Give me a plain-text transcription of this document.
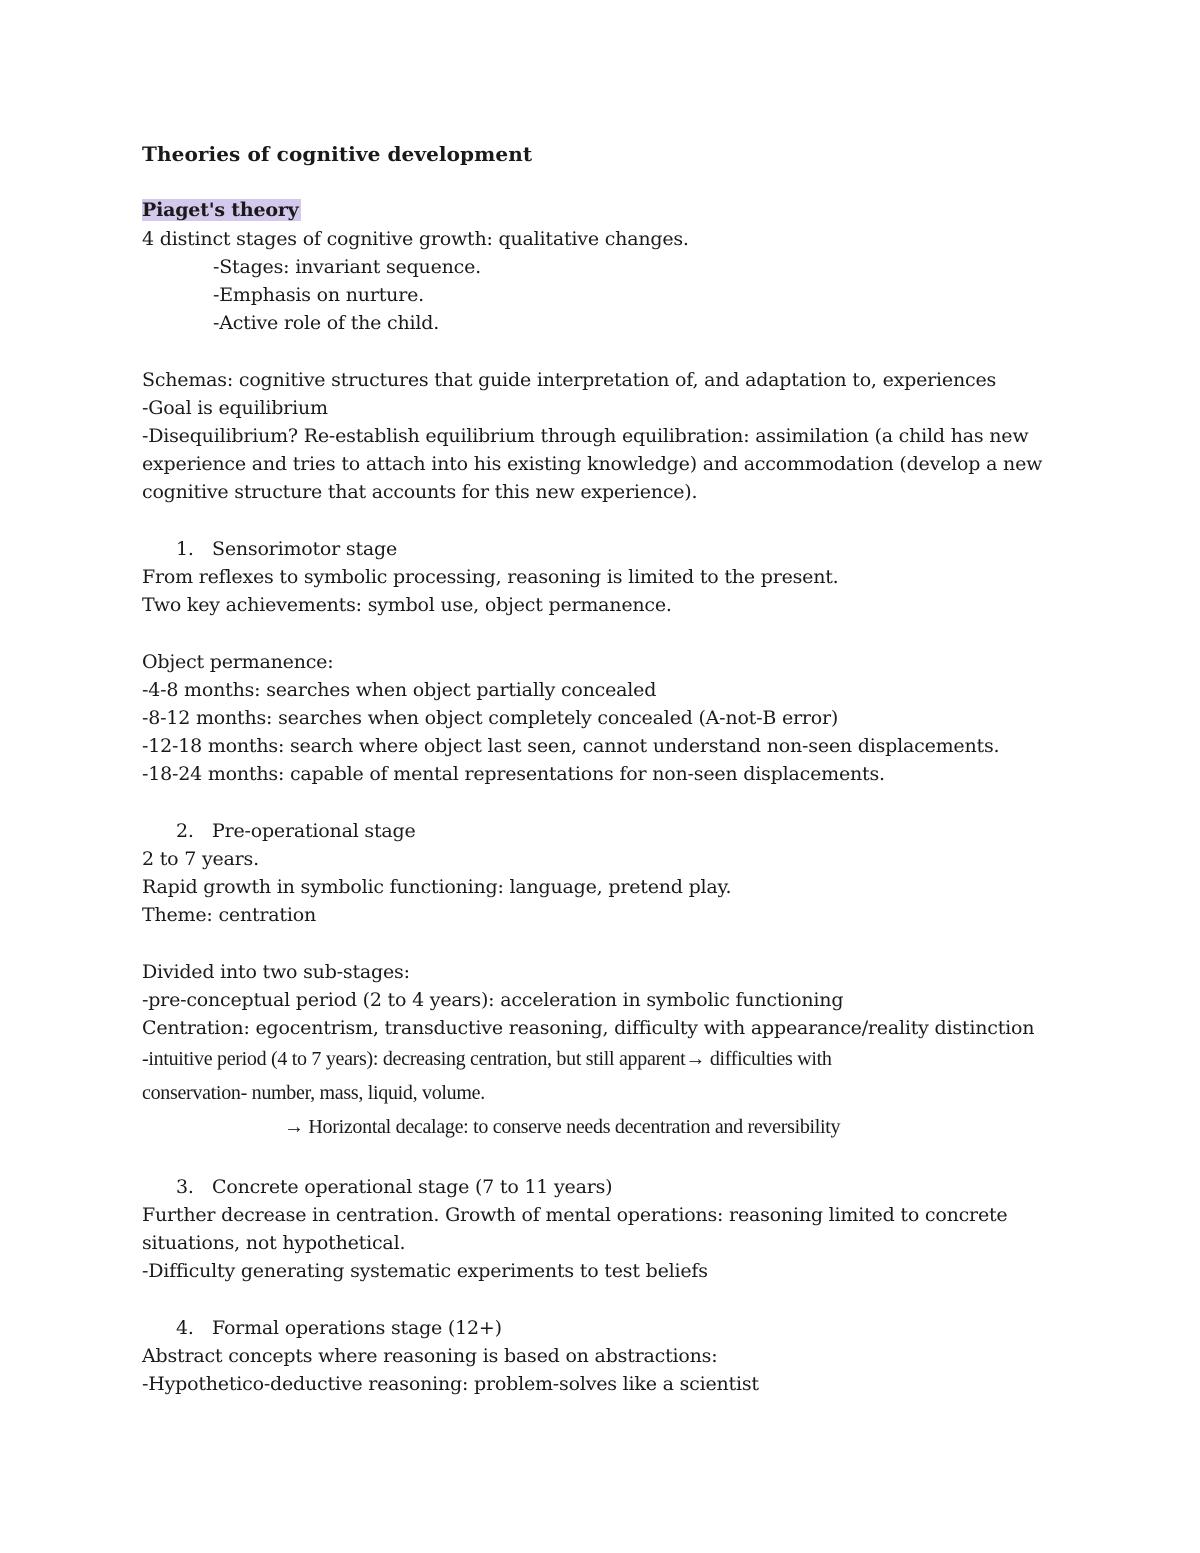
Theories of cognitive development
Piaget's theory
4 distinct stages of cognitive growth: qualitative changes.
-Stages: invariant sequence.
-Emphasis on nurture.
-Active role of the child.
Schemas: cognitive structures that guide interpretation of, and adaptation to, experiences
-Goal is equilibrium
-Disequilibrium? Re-establish equilibrium through equilibration: assimilation (a child has new
experience and tries to attach into his existing knowledge) and accommodation (develop a new
cognitive structure that accounts for this new experience).
1. Sensorimotor stage
From reflexes to symbolic processing, reasoning is limited to the present.
Two key achievements: symbol use, object permanence.
Object permanence:
-4-8 months: searches when object partially concealed
-8-12 months: searches when object completely concealed (A-not-B error)
-12-18 months: search where object last seen, cannot understand non-seen displacements.
-18-24 months: capable of mental representations for non-seen displacements.
2. Pre-operational stage
2 to 7 years.
Rapid growth in symbolic functioning: language, pretend play.
Theme: centration
Divided into two sub-stages:
-pre-conceptual period (2 to 4 years): acceleration in symbolic functioning
Centration: egocentrism, transductive reasoning, difficulty with appearance/reality distinction
-intuitive period (4 to 7 years): decreasing centration, but still apparent→ difficulties with
conservation- number, mass, liquid, volume.
→ Horizontal decalage: to conserve needs decentration and reversibility
3. Concrete operational stage (7 to 11 years)
Further decrease in centration. Growth of mental operations: reasoning limited to concrete
situations, not hypothetical.
-Difficulty generating systematic experiments to test beliefs
4. Formal operations stage (12+)
Abstract concepts where reasoning is based on abstractions:
-Hypothetico-deductive reasoning: problem-solves like a scientist
